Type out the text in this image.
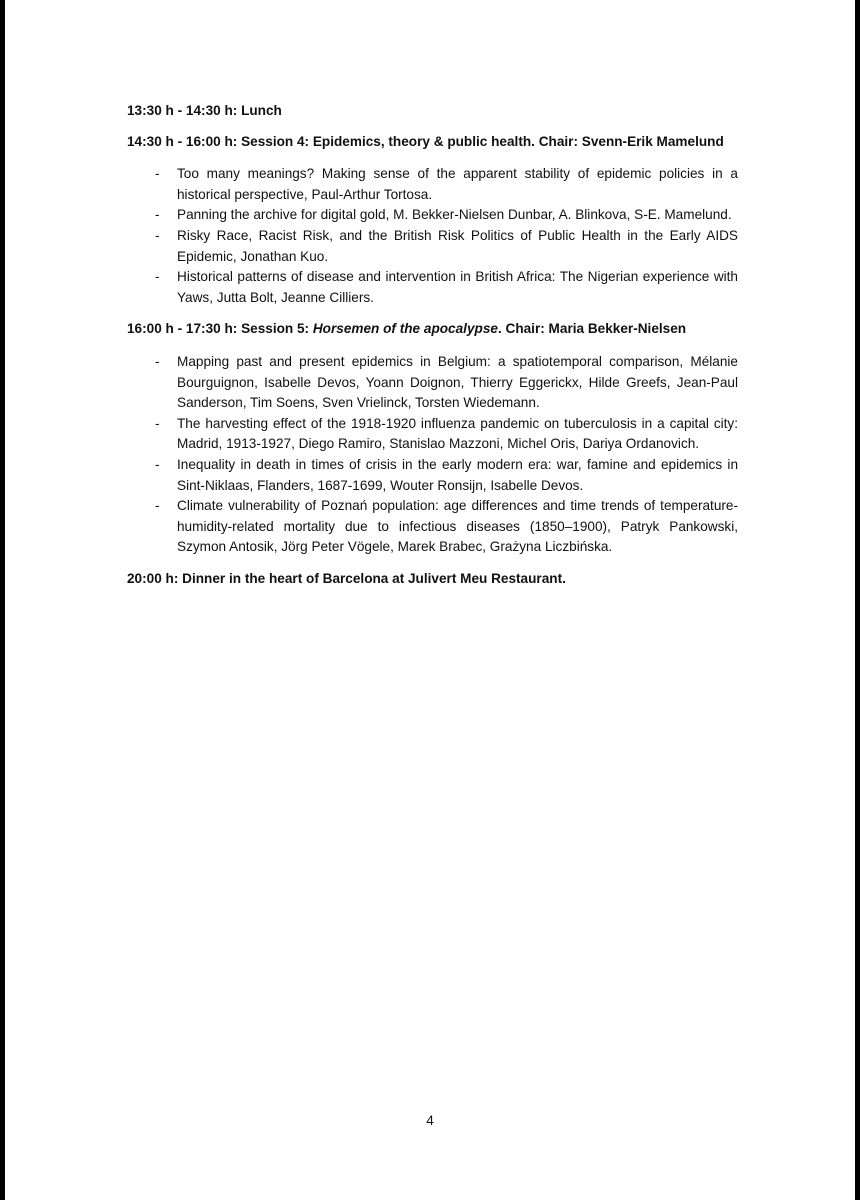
13:30 h - 14:30 h: Lunch

14:30 h - 16:00 h: Session 4: Epidemics, theory & public health. Chair: Svenn-Erik Mamelund

- Too many meanings? Making sense of the apparent stability of epidemic policies in a historical perspective, Paul-Arthur Tortosa.
- Panning the archive for digital gold, M. Bekker-Nielsen Dunbar, A. Blinkova, S-E. Mamelund.
- Risky Race, Racist Risk, and the British Risk Politics of Public Health in the Early AIDS Epidemic, Jonathan Kuo.
- Historical patterns of disease and intervention in British Africa: The Nigerian experience with Yaws, Jutta Bolt, Jeanne Cilliers.

16:00 h - 17:30 h: Session 5: Horsemen of the apocalypse. Chair: Maria Bekker-Nielsen

- Mapping past and present epidemics in Belgium: a spatiotemporal comparison, Mélanie Bourguignon, Isabelle Devos, Yoann Doignon, Thierry Eggerickx, Hilde Greefs, Jean-Paul Sanderson, Tim Soens, Sven Vrielinck, Torsten Wiedemann.
- The harvesting effect of the 1918-1920 influenza pandemic on tuberculosis in a capital city: Madrid, 1913-1927, Diego Ramiro, Stanislao Mazzoni, Michel Oris, Dariya Ordanovich.
- Inequality in death in times of crisis in the early modern era: war, famine and epidemics in Sint-Niklaas, Flanders, 1687-1699, Wouter Ronsijn, Isabelle Devos.
- Climate vulnerability of Poznań population: age differences and time trends of temperature-humidity-related mortality due to infectious diseases (1850–1900), Patryk Pankowski, Szymon Antosik, Jörg Peter Vögele, Marek Brabec, Grażyna Liczbińska.

20:00 h: Dinner in the heart of Barcelona at Julivert Meu Restaurant.

4
